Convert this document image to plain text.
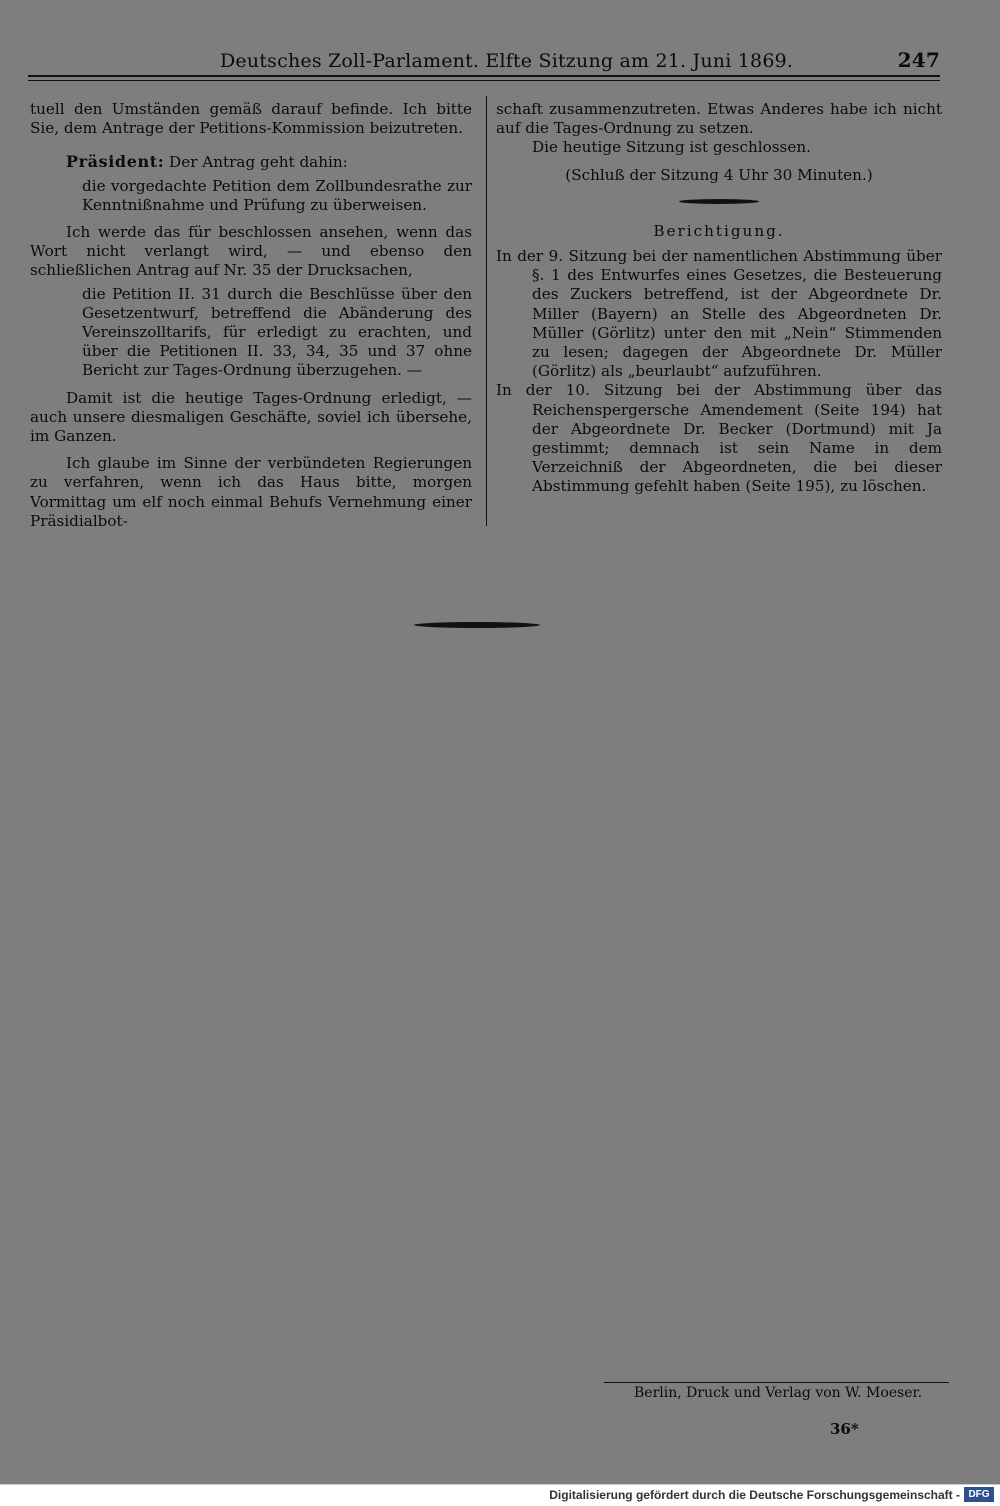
Deutsches Zoll-Parlament. Elfte Sitzung am 21. Juni 1869.	247

tuell den Umständen gemäß darauf befinde. Ich bitte Sie, dem Antrage der Petitions-Kommission beizutreten.

Präsident: Der Antrag geht dahin:

die vorgedachte Petition dem Zollbundesrathe zur Kenntnißnahme und Prüfung zu überweisen.

Ich werde das für beschlossen ansehen, wenn das Wort nicht verlangt wird, — und ebenso den schließlichen Antrag auf Nr. 35 der Drucksachen,

die Petition II. 31 durch die Beschlüsse über den Gesetzentwurf, betreffend die Abänderung des Vereinszolltarifs, für erledigt zu erachten, und über die Petitionen II. 33, 34, 35 und 37 ohne Bericht zur Tages-Ordnung überzugehen. —

Damit ist die heutige Tages-Ordnung erledigt, — auch unsere diesmaligen Geschäfte, soviel ich übersehe, im Ganzen.

Ich glaube im Sinne der verbündeten Regierungen zu verfahren, wenn ich das Haus bitte, morgen Vormittag um elf noch einmal Behufs Vernehmung einer Präsidialbot-

schaft zusammenzutreten. Etwas Anderes habe ich nicht auf die Tages-Ordnung zu setzen.

Die heutige Sitzung ist geschlossen.

(Schluß der Sitzung 4 Uhr 30 Minuten.)

Berichtigung.

In der 9. Sitzung bei der namentlichen Abstimmung über §. 1 des Entwurfes eines Gesetzes, die Besteuerung des Zuckers betreffend, ist der Abgeordnete Dr. Miller (Bayern) an Stelle des Abgeordneten Dr. Müller (Görlitz) unter den mit „Nein“ Stimmenden zu lesen; dagegen der Abgeordnete Dr. Müller (Görlitz) als „beurlaubt“ aufzuführen.

In der 10. Sitzung bei der Abstimmung über das Reichenspergersche Amendement (Seite 194) hat der Abgeordnete Dr. Becker (Dortmund) mit Ja gestimmt; demnach ist sein Name in dem Verzeichniß der Abgeordneten, die bei dieser Abstimmung gefehlt haben (Seite 195), zu löschen.

Berlin, Druck und Verlag von W. Moeser.
36*
Digitalisierung gefördert durch die Deutsche Forschungsgemeinschaft - DFG
